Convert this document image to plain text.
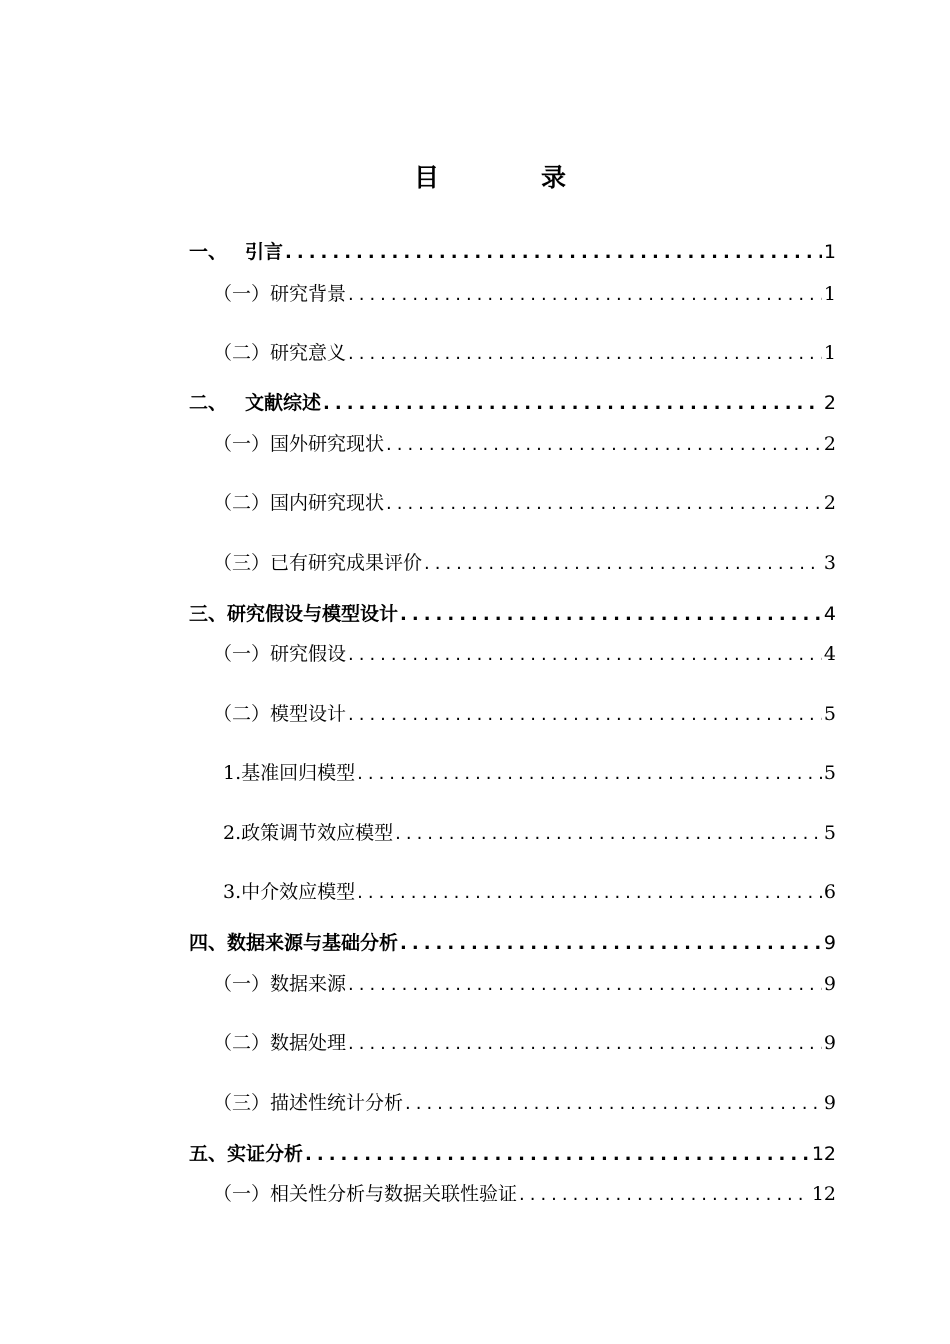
目	录
一、 引言 .....	1
（一）研究背景 .....	1
（二）研究意义 .....	1
二、 文献综述 .....	2
（一）国外研究现状 .....	2
（二）国内研究现状 .....	2
（三）已有研究成果评价 .....	3
三、研究假设与模型设计 .....	4
（一）研究假设 .....	4
（二）模型设计 .....	5
1.基准回归模型 .....	5
2.政策调节效应模型 .....	5
3.中介效应模型 .....	6
四、数据来源与基础分析 .....	9
（一）数据来源 .....	9
（二）数据处理 .....	9
（三）描述性统计分析 .....	9
五、实证分析 .....	12
（一）相关性分析与数据关联性验证 .....	12
